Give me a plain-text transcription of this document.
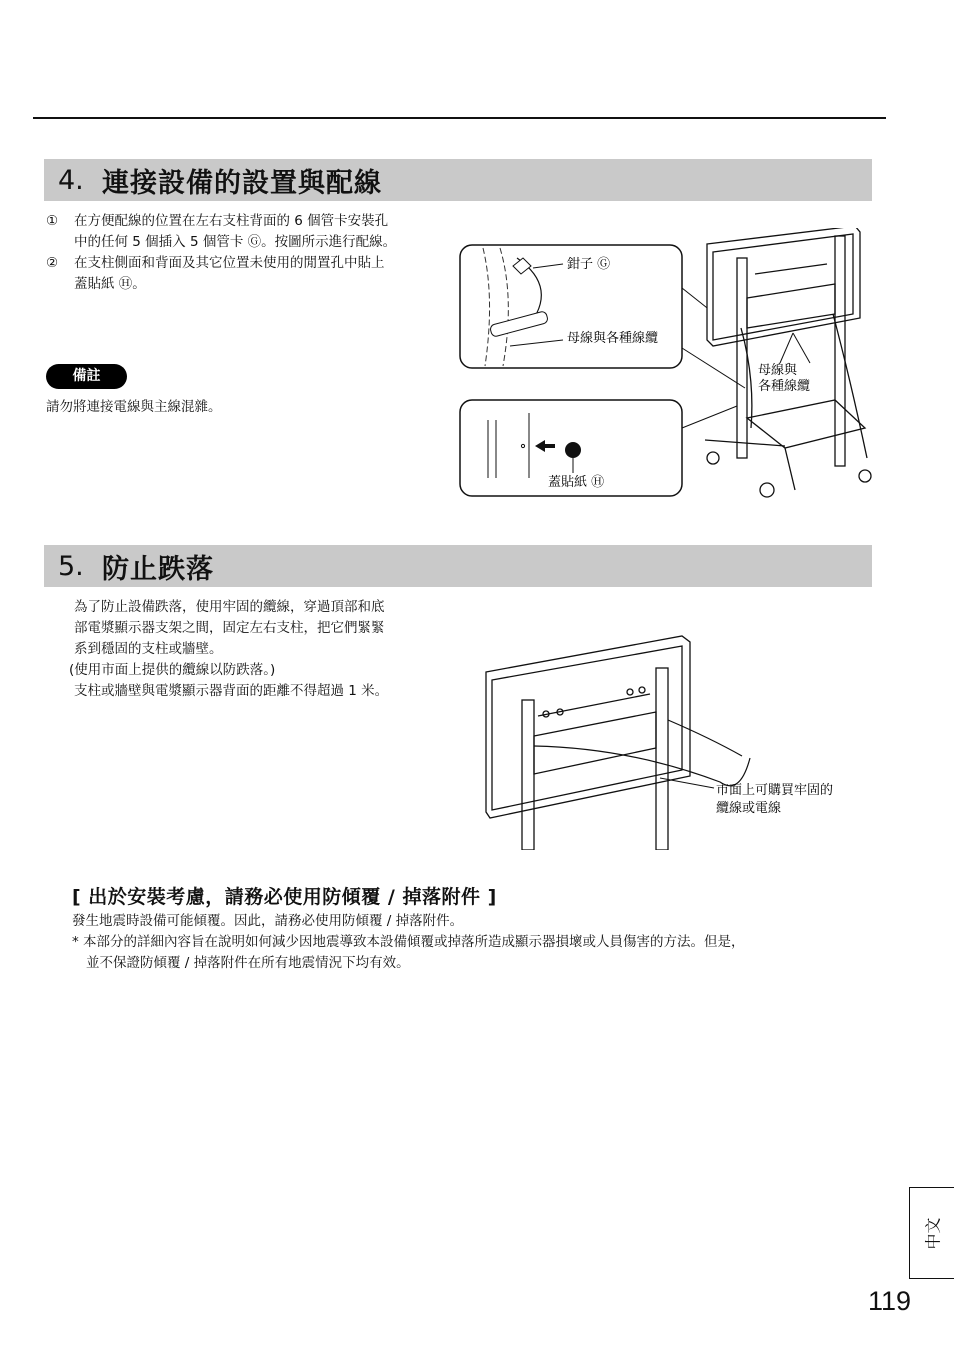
4. 連接設備的設置與配線
①	在方便配線的位置在左右支柱背面的 6 個管卡安裝孔
中的任何 5 個插入 5 個管卡 Ⓖ。按圖所示進行配線。
②	在支柱側面和背面及其它位置未使用的閒置孔中貼上
蓋貼紙 Ⓗ。
備註
請勿將連接電線與主線混雜。
鉗子 Ⓖ
母線與各種線纜
蓋貼紙 Ⓗ
母線與
各種線纜
5. 防止跌落
為了防止設備跌落，使用牢固的纜線，穿過頂部和底
部電漿顯示器支架之間，固定左右支柱，把它們緊緊
系到穩固的支柱或牆壁。
(使用市面上提供的纜線以防跌落。)
支柱或牆壁與電漿顯示器背面的距離不得超過 1 米。
市面上可購買牢固的
纜線或電線
[ 出於安裝考慮，請務必使用防傾覆 / 掉落附件 ]
發生地震時設備可能傾覆。因此，請務必使用防傾覆 / 掉落附件。
* 本部分的詳細內容旨在說明如何減少因地震導致本設備傾覆或掉落所造成顯示器損壞或人員傷害的方法。但是，
並不保證防傾覆 / 掉落附件在所有地震情況下均有效。
中文
119
